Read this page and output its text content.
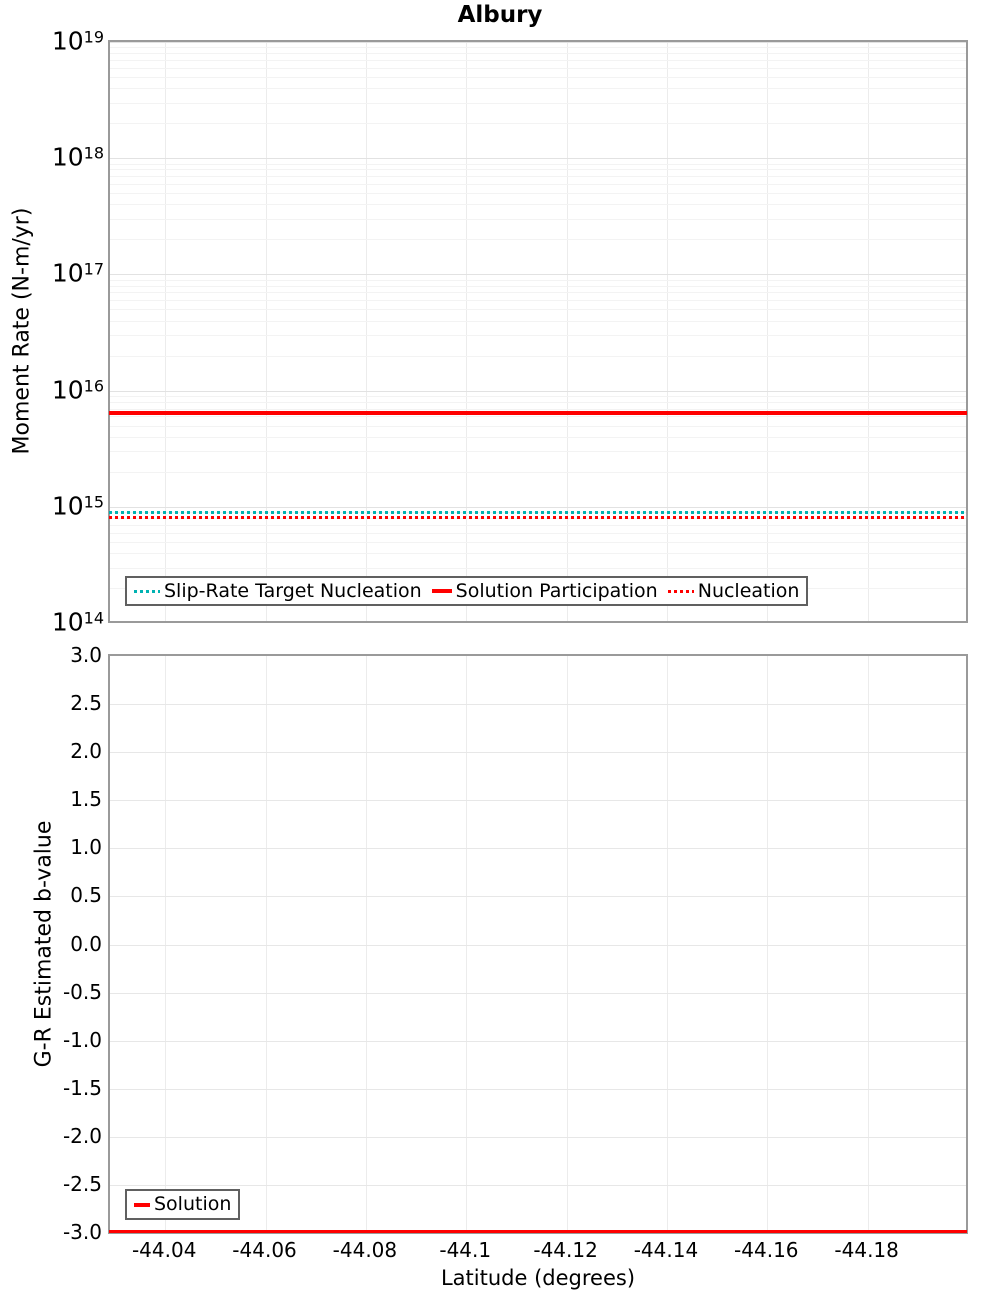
Albury
Moment Rate (N-m/yr)
G-R Estimated b-value
Latitude (degrees)
$10^{19}$
$10^{18}$
$10^{17}$
$10^{16}$
$10^{15}$
$10^{14}$
3.0
2.5
2.0
1.5
1.0
0.5
0.0
-0.5
-1.0
-1.5
-2.0
-2.5
-3.0
-44.04 -44.06 -44.08 -44.1 -44.12 -44.14 -44.16 -44.18
Slip-Rate Target Nucleation Solution Participation Nucleation
Solution
